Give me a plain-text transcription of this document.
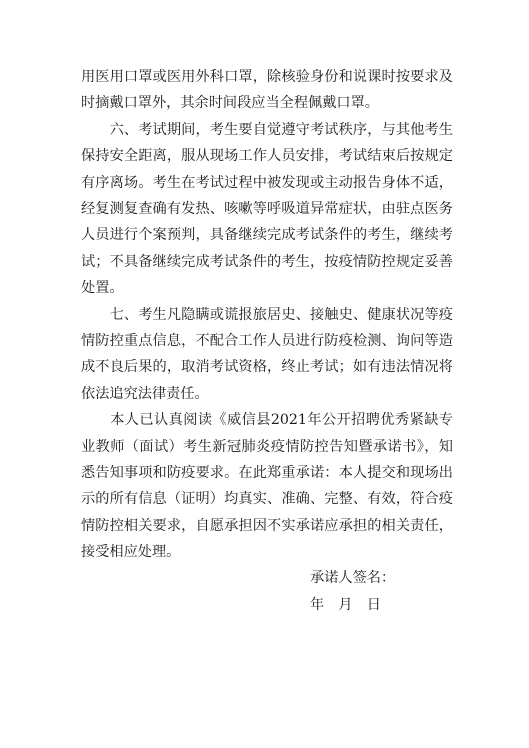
用医用口罩或医用外科口罩，除核验身份和说课时按要求及
时摘戴口罩外，其余时间段应当全程佩戴口罩。
　　六、考试期间，考生要自觉遵守考试秩序，与其他考生
保持安全距离，服从现场工作人员安排，考试结束后按规定
有序离场。考生在考试过程中被发现或主动报告身体不适，
经复测复查确有发热、咳嗽等呼吸道异常症状，由驻点医务
人员进行个案预判，具备继续完成考试条件的考生，继续考
试；不具备继续完成考试条件的考生，按疫情防控规定妥善
处置。
　　七、考生凡隐瞒或谎报旅居史、接触史、健康状况等疫
情防控重点信息，不配合工作人员进行防疫检测、询问等造
成不良后果的，取消考试资格，终止考试；如有违法情况将
依法追究法律责任。
　　本人已认真阅读《威信县2021年公开招聘优秀紧缺专
业教师（面试）考生新冠肺炎疫情防控告知暨承诺书》，知
悉告知事项和防疫要求。在此郑重承诺：本人提交和现场出
示的所有信息（证明）均真实、准确、完整、有效，符合疫
情防控相关要求，自愿承担因不实承诺应承担的相关责任，
接受相应处理。
承诺人签名：
年　月　日
